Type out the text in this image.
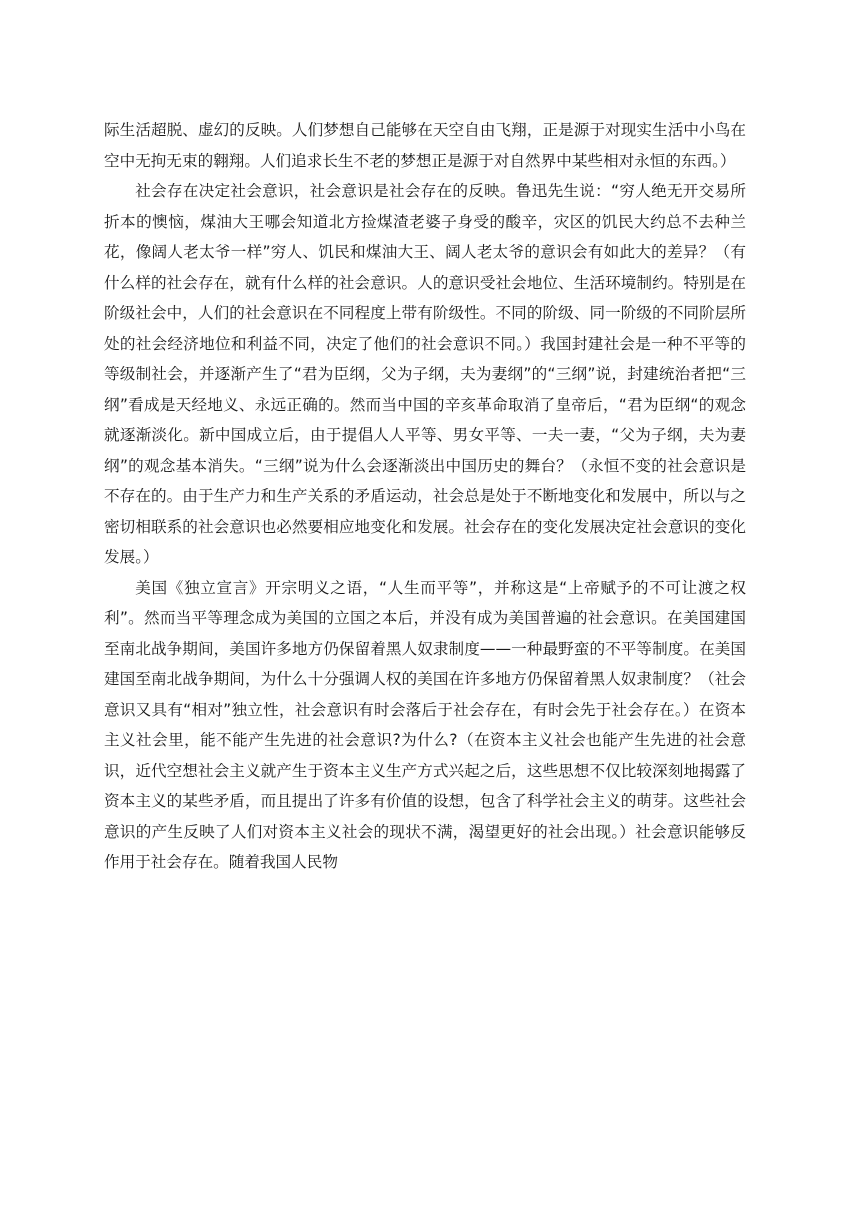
际生活超脱、虚幻的反映。人们梦想自己能够在天空自由飞翔，正是源于对现实生活中小鸟在空中无拘无束的翱翔。人们追求长生不老的梦想正是源于对自然界中某些相对永恒的东西。）

社会存在决定社会意识，社会意识是社会存在的反映。鲁迅先生说：“穷人绝无开交易所折本的懊恼，煤油大王哪会知道北方捡煤渣老婆子身受的酸辛，灾区的饥民大约总不去种兰花，像阔人老太爷一样”穷人、饥民和煤油大王、阔人老太爷的意识会有如此大的差异？（有什么样的社会存在，就有什么样的社会意识。人的意识受社会地位、生活环境制约。特别是在阶级社会中，人们的社会意识在不同程度上带有阶级性。不同的阶级、同一阶级的不同阶层所处的社会经济地位和利益不同，决定了他们的社会意识不同。）我国封建社会是一种不平等的等级制社会，并逐渐产生了“君为臣纲，父为子纲，夫为妻纲”的“三纲”说，封建统治者把“三纲”看成是天经地义、永远正确的。然而当中国的辛亥革命取消了皇帝后，“君为臣纲“的观念就逐渐淡化。新中国成立后，由于提倡人人平等、男女平等、一夫一妻，“父为子纲，夫为妻纲”的观念基本消失。“三纲”说为什么会逐渐淡出中国历史的舞台？（永恒不变的社会意识是不存在的。由于生产力和生产关系的矛盾运动，社会总是处于不断地变化和发展中，所以与之密切相联系的社会意识也必然要相应地变化和发展。社会存在的变化发展决定社会意识的变化发展。）

美国《独立宣言》开宗明义之语，“人生而平等”，并称这是“上帝赋予的不可让渡之权利”。然而当平等理念成为美国的立国之本后，并没有成为美国普遍的社会意识。在美国建国至南北战争期间，美国许多地方仍保留着黑人奴隶制度——一种最野蛮的不平等制度。在美国建国至南北战争期间，为什么十分强调人权的美国在许多地方仍保留着黑人奴隶制度？（社会意识又具有“相对”独立性，社会意识有时会落后于社会存在，有时会先于社会存在。）在资本主义社会里，能不能产生先进的社会意识?为什么?（在资本主义社会也能产生先进的社会意识，近代空想社会主义就产生于资本主义生产方式兴起之后，这些思想不仅比较深刻地揭露了资本主义的某些矛盾，而且提出了许多有价值的设想，包含了科学社会主义的萌芽。这些社会意识的产生反映了人们对资本主义社会的现状不满，渴望更好的社会出现。）社会意识能够反作用于社会存在。随着我国人民物
